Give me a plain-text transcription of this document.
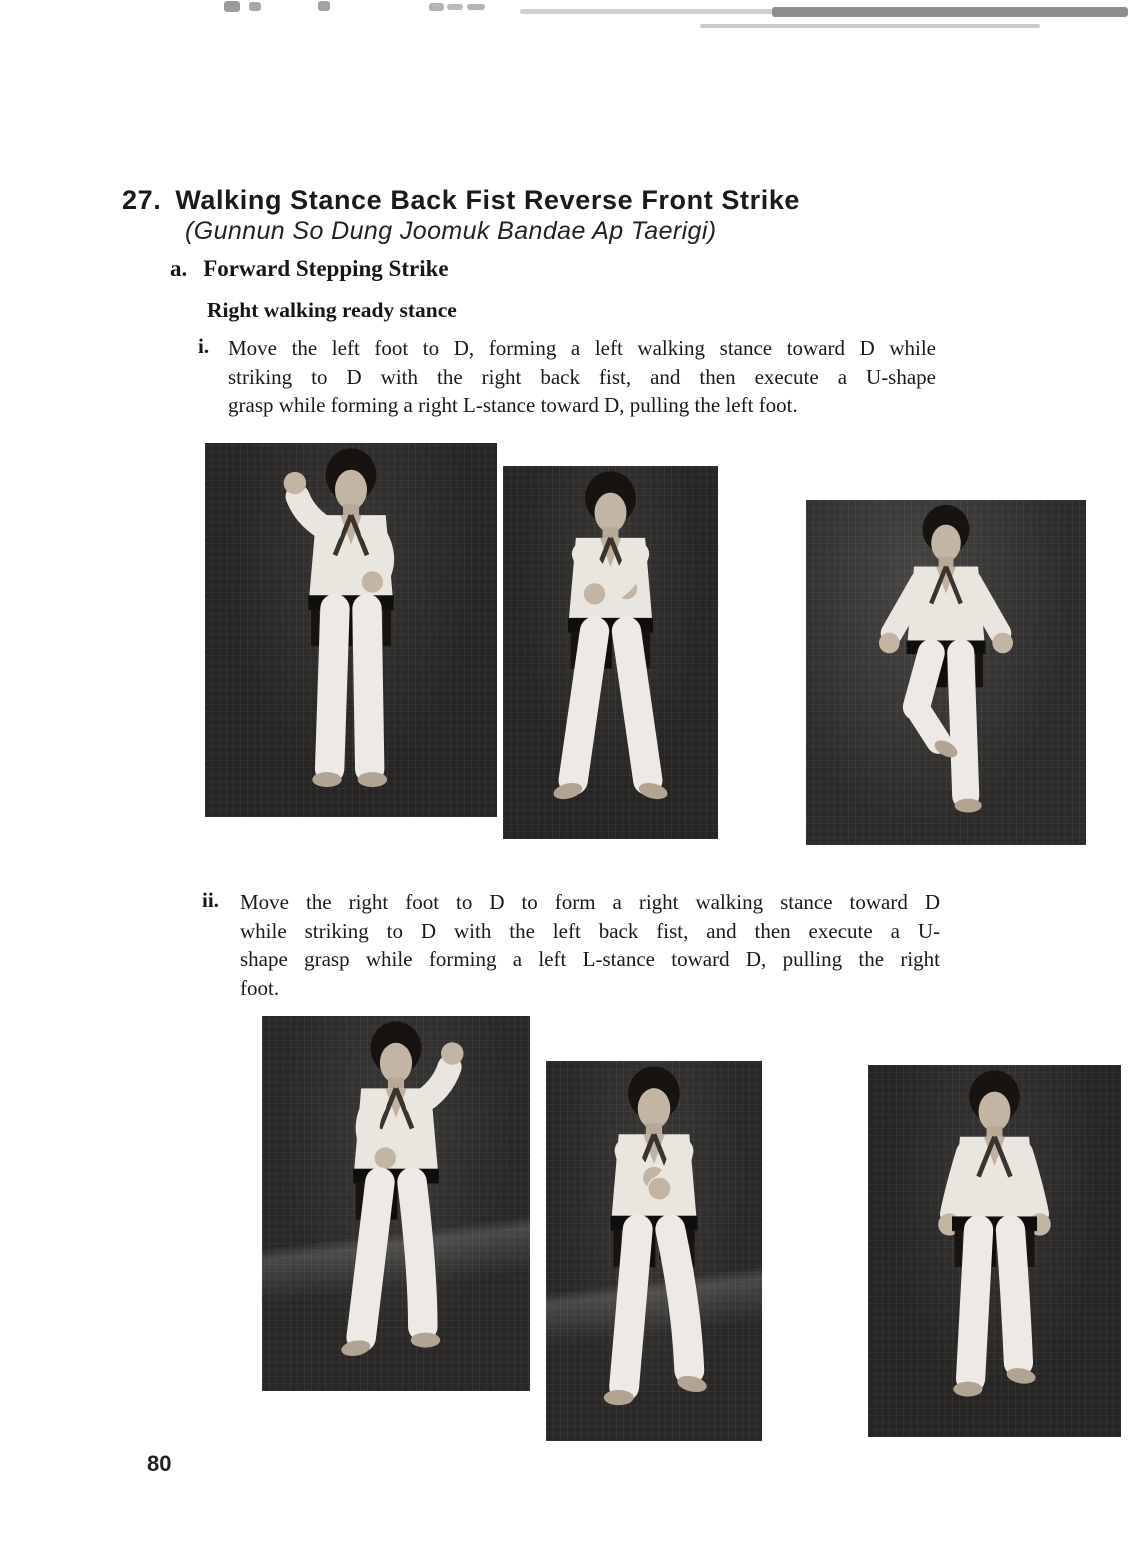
27. Walking Stance Back Fist Reverse Front Strike
(Gunnun So Dung Joomuk Bandae Ap Taerigi)
a. Forward Stepping Strike
Right walking ready stance
i. Move the left foot to D, forming a left walking stance toward D while
striking to D with the right back fist, and then execute a U-shape
grasp while forming a right L-stance toward D, pulling the left foot.
ii. Move the right foot to D to form a right walking stance toward D
while striking to D with the left back fist, and then execute a U-
shape grasp while forming a left L-stance toward D, pulling the right
foot.
80
